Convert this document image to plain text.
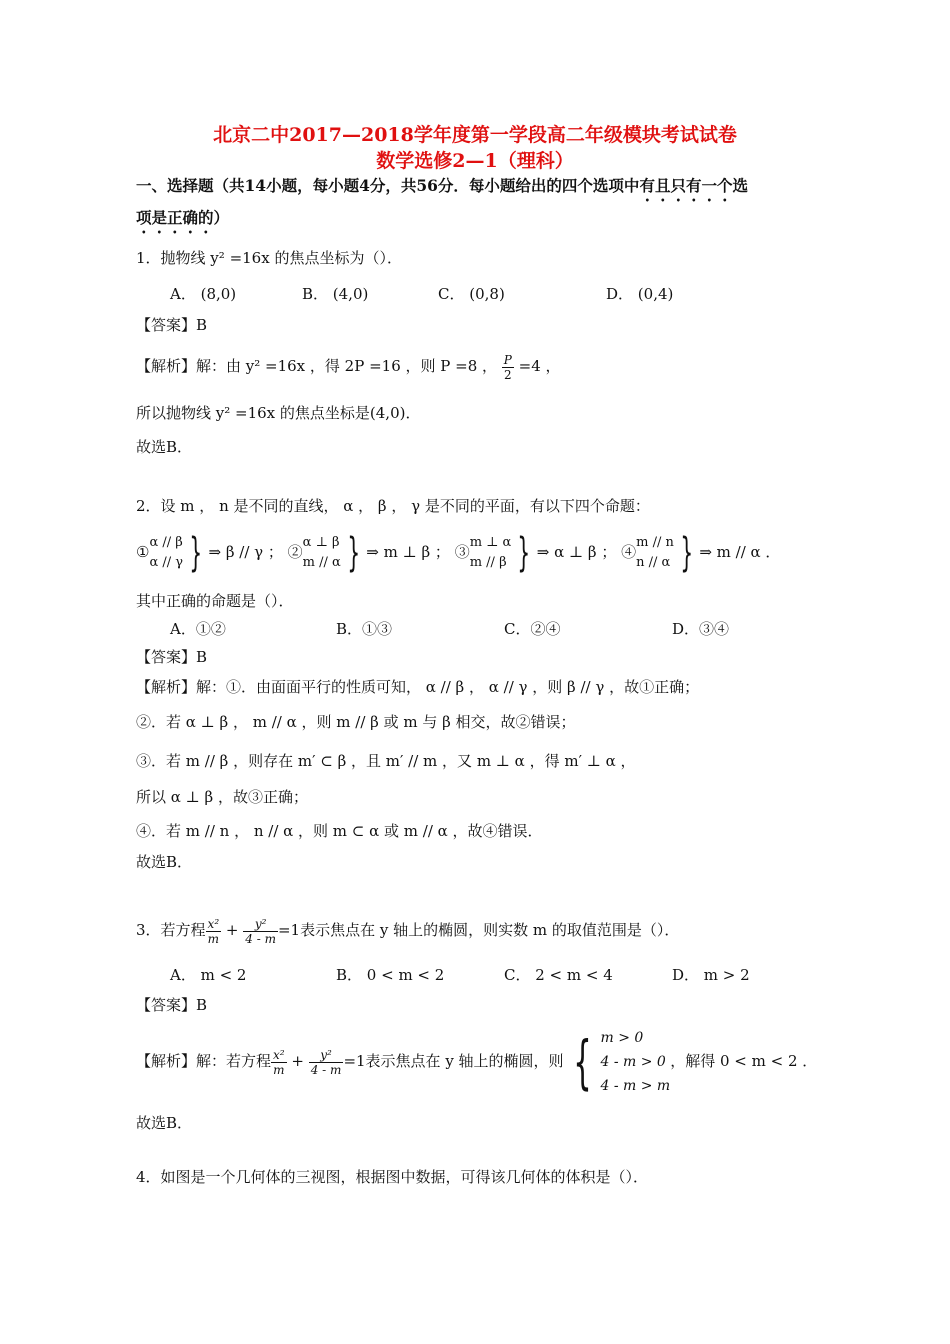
北京二中2017—2018学年度第一学段高二年级模块考试试卷
数学选修2—1（理科）
一、选择题（共14小题，每小题4分，共56分．每小题给出的四个选项中有且只有一个选
项是正确的）
1．抛物线 y² =16x 的焦点坐标为（）．
A． (8,0)	B． (4,0)	C． (0,8)	D． (0,4)
【答案】B
【解析】解：由 y² =16x ，得 2P =16 ，则 P =8 ， $\frac{P}{2} =4$ ，
所以抛物线 y² =16x 的焦点坐标是(4,0)．
故选B．
2．设 m ， n 是不同的直线， α ， β ， γ 是不同的平面，有以下四个命题：
①
α // β
α // γ } ⇒ β // γ ； ②
α ⊥ β
m // α } ⇒ m ⊥ β ； ③
m ⊥ α
m // β } ⇒ α ⊥ β ； ④
m // n
n // α } ⇒ m // α ．
其中正确的命题是（）．
A．①②	B．①③	C．②④	D．③④
【答案】B
【解析】解：①．由面面平行的性质可知， α // β ， α // γ ，则 β // γ ，故①正确；
②．若 α ⊥ β ， m // α ，则 m // β 或 m 与 β 相交，故②错误；
③．若 m // β ，则存在 m′ ⊂ β ，且 m′ // m ，又 m ⊥ α ，得 m′ ⊥ α ，
所以 α ⊥ β ，故③正确；
④．若 m // n ， n // α ，则 m ⊂ α 或 m // α ，故④错误．
故选B．
3．若方程 $\frac{\text{x²}}{m} + \frac{\text{y²}}{4 - m} =1$表示焦点在 y 轴上的椭圆，则实数 m 的取值范围是（）．
A． m < 2	B． 0 < m < 2	C． 2 < m < 4	D． m > 2
【答案】B
【解析】解：若方程 $\frac{\text{x²}}{m} + \frac{\text{y²}}{4 - m} =1$表示焦点在 y 轴上的椭圆，则 { m > 0
4 - m > 0
4 - m > m
，解得 0 < m < 2 ．
故选B．
4．如图是一个几何体的三视图，根据图中数据，可得该几何体的体积是（）．
